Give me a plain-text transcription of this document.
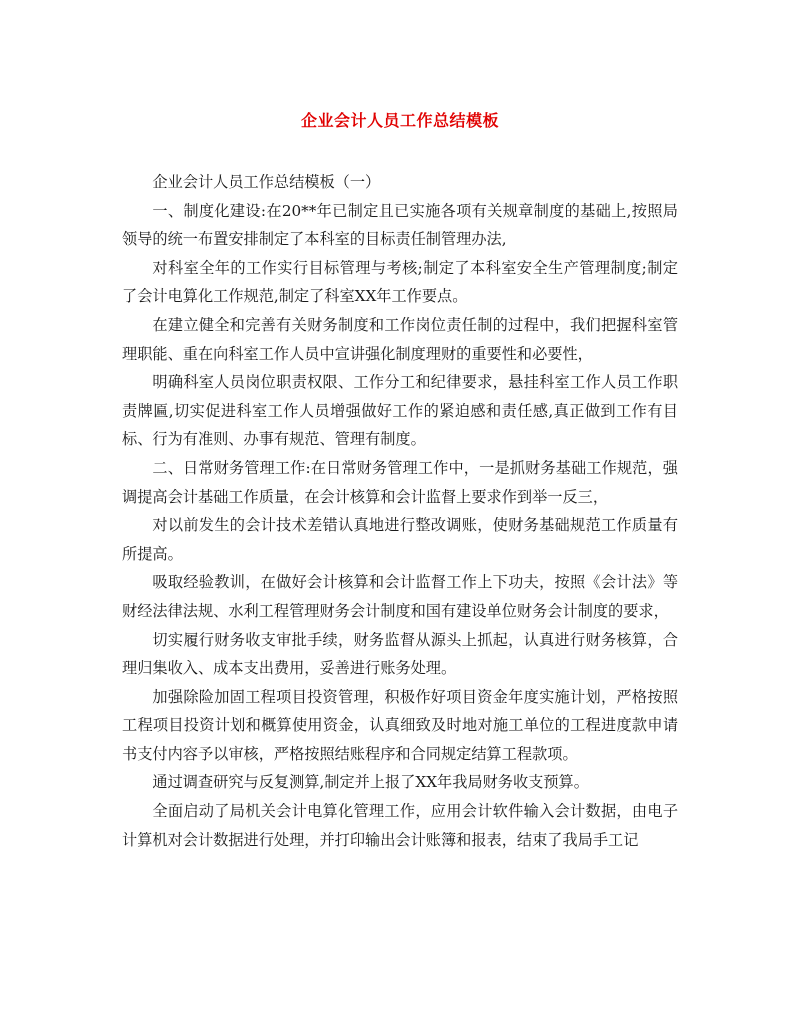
企业会计人员工作总结模板

企业会计人员工作总结模板（一）

一、制度化建设:在20**年已制定且已实施各项有关规章制度的基础上,按照局领导的统一布置安排制定了本科室的目标责任制管理办法,

对科室全年的工作实行目标管理与考核;制定了本科室安全生产管理制度;制定了会计电算化工作规范,制定了科室XX年工作要点。

在建立健全和完善有关财务制度和工作岗位责任制的过程中，我们把握科室管理职能、重在向科室工作人员中宣讲强化制度理财的重要性和必要性，

明确科室人员岗位职责权限、工作分工和纪律要求，悬挂科室工作人员工作职责牌匾,切实促进科室工作人员增强做好工作的紧迫感和责任感,真正做到工作有目标、行为有准则、办事有规范、管理有制度。

二、日常财务管理工作:在日常财务管理工作中，一是抓财务基础工作规范，强调提高会计基础工作质量，在会计核算和会计监督上要求作到举一反三，

对以前发生的会计技术差错认真地进行整改调账，使财务基础规范工作质量有所提高。

吸取经验教训，在做好会计核算和会计监督工作上下功夫，按照《会计法》等财经法律法规、水利工程管理财务会计制度和国有建设单位财务会计制度的要求，

切实履行财务收支审批手续，财务监督从源头上抓起，认真进行财务核算，合理归集收入、成本支出费用，妥善进行账务处理。

加强除险加固工程项目投资管理，积极作好项目资金年度实施计划，严格按照工程项目投资计划和概算使用资金，认真细致及时地对施工单位的工程进度款申请书支付内容予以审核，严格按照结账程序和合同规定结算工程款项。

通过调查研究与反复测算,制定并上报了XX年我局财务收支预算。

全面启动了局机关会计电算化管理工作，应用会计软件输入会计数据，由电子计算机对会计数据进行处理，并打印输出会计账簿和报表，结束了我局手工记
